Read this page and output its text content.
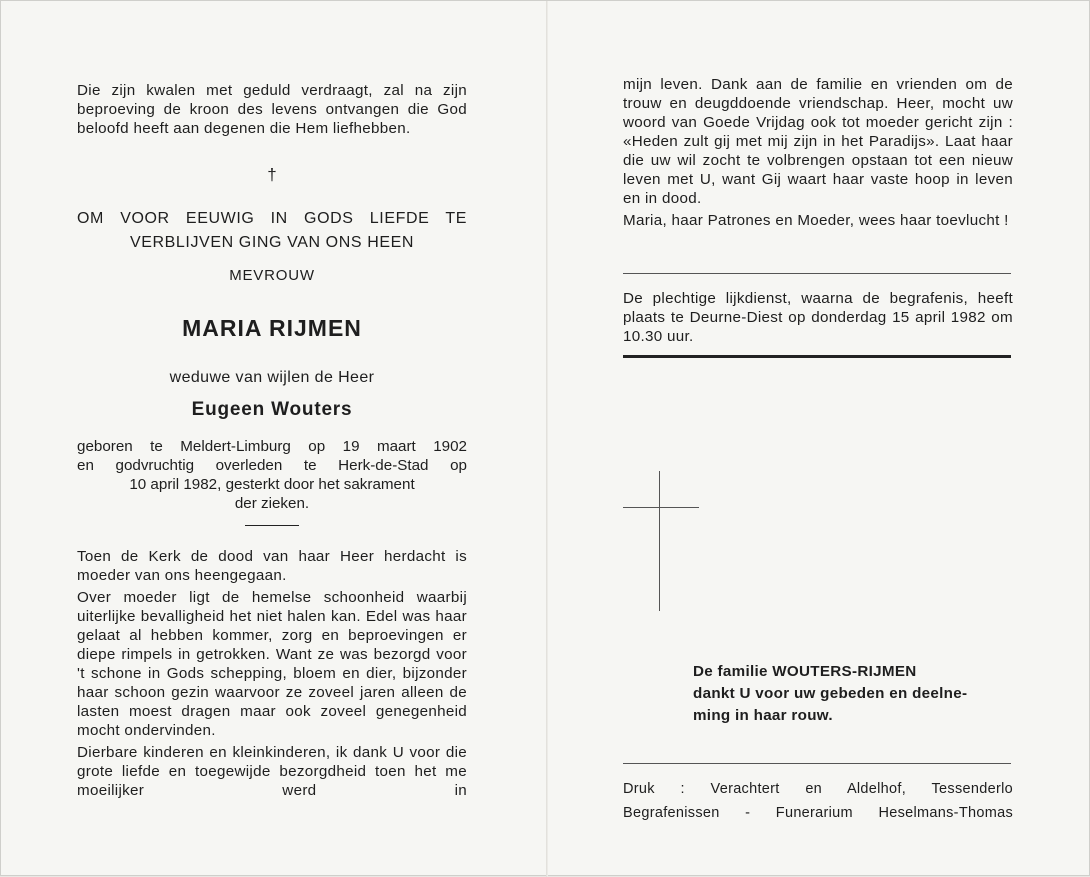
Die zijn kwalen met geduld verdraagt, zal na zijn beproeving de kroon des levens ontvangen die God beloofd heeft aan degenen die Hem liefhebben.

†
OM VOOR EEUWIG IN GODS LIEFDE TE
VERBLIJVEN GING VAN ONS HEEN
MEVROUW
MARIA RIJMEN
weduwe van wijlen de Heer
Eugeen Wouters
geboren te Meldert-Limburg op 19 maart 1902
en godvruchtig overleden te Herk-de-Stad op
10 april 1982, gesterkt door het sakrament
der zieken.

Toen de Kerk de dood van haar Heer herdacht is moeder van ons heengegaan.

Over moeder ligt de hemelse schoonheid waarbij uiterlijke bevalligheid het niet halen kan. Edel was haar gelaat al hebben kommer, zorg en beproevingen er diepe rimpels in getrokken. Want ze was bezorgd voor 't schone in Gods schepping, bloem en dier, bijzonder haar schoon gezin waarvoor ze zoveel jaren alleen de lasten moest dragen maar ook zoveel genegenheid mocht ondervinden.

Dierbare kinderen en kleinkinderen, ik dank U voor die grote liefde en toegewijde bezorgdheid toen het me moeilijker werd in

mijn leven. Dank aan de familie en vrienden om de trouw en deugddoende vriendschap. Heer, mocht uw woord van Goede Vrijdag ook tot moeder gericht zijn : «Heden zult gij met mij zijn in het Paradijs». Laat haar die uw wil zocht te volbrengen opstaan tot een nieuw leven met U, want Gij waart haar vaste hoop in leven en in dood.

Maria, haar Patrones en Moeder, wees haar toevlucht !

De plechtige lijkdienst, waarna de begrafenis, heeft plaats te Deurne-Diest op donderdag 15 april 1982 om 10.30 uur.

De familie WOUTERS-RIJMEN
dankt U voor uw gebeden en deelne-
ming in haar rouw.
Druk : Verachtert en Aldelhof, Tessenderlo
Begrafenissen - Funerarium Heselmans-Thomas
